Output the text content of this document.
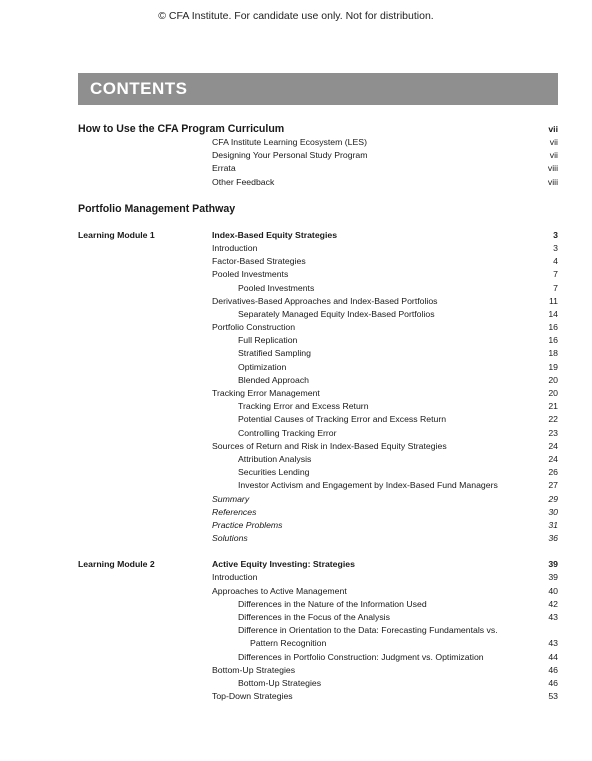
© CFA Institute. For candidate use only. Not for distribution.
CONTENTS
How to Use the CFA Program Curriculum	vii
CFA Institute Learning Ecosystem (LES)	vii
Designing Your Personal Study Program	vii
Errata	viii
Other Feedback	viii
Portfolio Management Pathway
Learning Module 1	Index-Based Equity Strategies	3
Introduction	3
Factor-Based Strategies	4
Pooled Investments	7
Pooled Investments	7
Derivatives-Based Approaches and Index-Based Portfolios	11
Separately Managed Equity Index-Based Portfolios	14
Portfolio Construction	16
Full Replication	16
Stratified Sampling	18
Optimization	19
Blended Approach	20
Tracking Error Management	20
Tracking Error and Excess Return	21
Potential Causes of Tracking Error and Excess Return	22
Controlling Tracking Error	23
Sources of Return and Risk in Index-Based Equity Strategies	24
Attribution Analysis	24
Securities Lending	26
Investor Activism and Engagement by Index-Based Fund Managers	27
Summary	29
References	30
Practice Problems	31
Solutions	36
Learning Module 2	Active Equity Investing: Strategies	39
Introduction	39
Approaches to Active Management	40
Differences in the Nature of the Information Used	42
Differences in the Focus of the Analysis	43
Difference in Orientation to the Data: Forecasting Fundamentals vs.
Pattern Recognition	43
Differences in Portfolio Construction: Judgment vs. Optimization	44
Bottom-Up Strategies	46
Bottom-Up Strategies	46
Top-Down Strategies	53
